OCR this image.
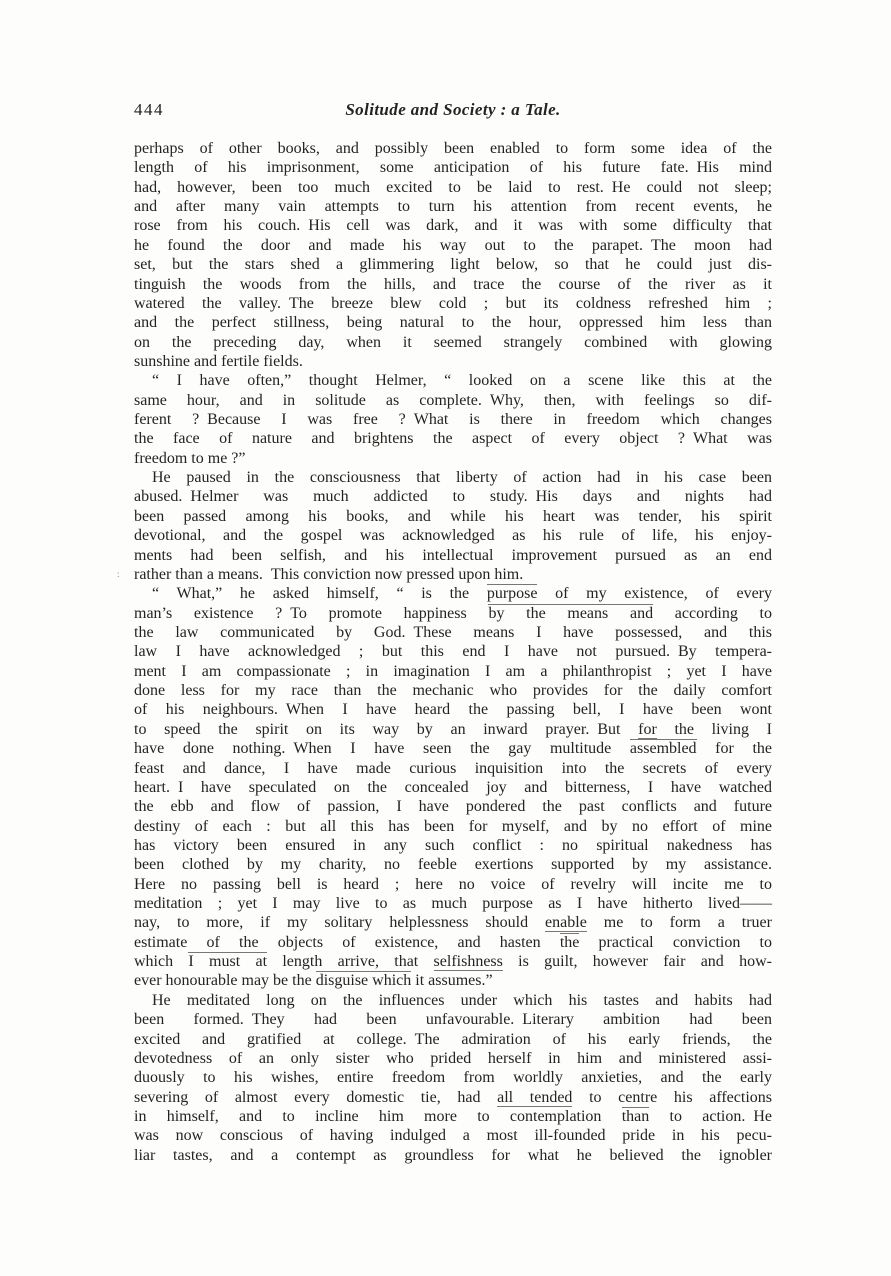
444	Solitude and Society : a Tale.
:
perhaps of other books, and possibly been enabled to form some idea of the
length of his imprisonment, some anticipation of his future fate. His mind
had, however, been too much excited to be laid to rest. He could not sleep;
and after many vain attempts to turn his attention from recent events, he
rose from his couch. His cell was dark, and it was with some difficulty that
he found the door and made his way out to the parapet. The moon had
set, but the stars shed a glimmering light below, so that he could just dis-
tinguish the woods from the hills, and trace the course of the river as it
watered the valley. The breeze blew cold ; but its coldness refreshed him ;
and the perfect stillness, being natural to the hour, oppressed him less than
on the preceding day, when it seemed strangely combined with glowing
sunshine and fertile fields.
“ I have often,” thought Helmer, “ looked on a scene like this at the
same hour, and in solitude as complete. Why, then, with feelings so dif-
ferent ? Because I was free ? What is there in freedom which changes
the face of nature and brightens the aspect of every object ? What was
freedom to me ?”
He paused in the consciousness that liberty of action had in his case been
abused. Helmer was much addicted to study. His days and nights had
been passed among his books, and while his heart was tender, his spirit
devotional, and the gospel was acknowledged as his rule of life, his enjoy-
ments had been selfish, and his intellectual improvement pursued as an end
rather than a means. This conviction now pressed upon him.
“ What,” he asked himself, “ is the purpose of my existence, of every
man’s existence ? To promote happiness by the means and according to
the law communicated by God. These means I have possessed, and this
law I have acknowledged ; but this end I have not pursued. By tempera-
ment I am compassionate ; in imagination I am a philanthropist ; yet I have
done less for my race than the mechanic who provides for the daily comfort
of his neighbours. When I have heard the passing bell, I have been wont
to speed the spirit on its way by an inward prayer. But for the living I
have done nothing. When I have seen the gay multitude assembled for the
feast and dance, I have made curious inquisition into the secrets of every
heart. I have speculated on the concealed joy and bitterness, I have watched
the ebb and flow of passion, I have pondered the past conflicts and future
destiny of each : but all this has been for myself, and by no effort of mine
has victory been ensured in any such conflict : no spiritual nakedness has
been clothed by my charity, no feeble exertions supported by my assistance.
Here no passing bell is heard ; here no voice of revelry will incite me to
meditation ; yet I may live to as much purpose as I have hitherto lived——
nay, to more, if my solitary helplessness should enable me to form a truer
estimate of the objects of existence, and hasten the practical conviction to
which I must at length arrive, that selfishness is guilt, however fair and how-
ever honourable may be the disguise which it assumes.”
He meditated long on the influences under which his tastes and habits had
been formed. They had been unfavourable. Literary ambition had been
excited and gratified at college. The admiration of his early friends, the
devotedness of an only sister who prided herself in him and ministered assi-
duously to his wishes, entire freedom from worldly anxieties, and the early
severing of almost every domestic tie, had all tended to centre his affections
in himself, and to incline him more to contemplation than to action. He
was now conscious of having indulged a most ill-founded pride in his pecu-
liar tastes, and a contempt as groundless for what he believed the ignobler
